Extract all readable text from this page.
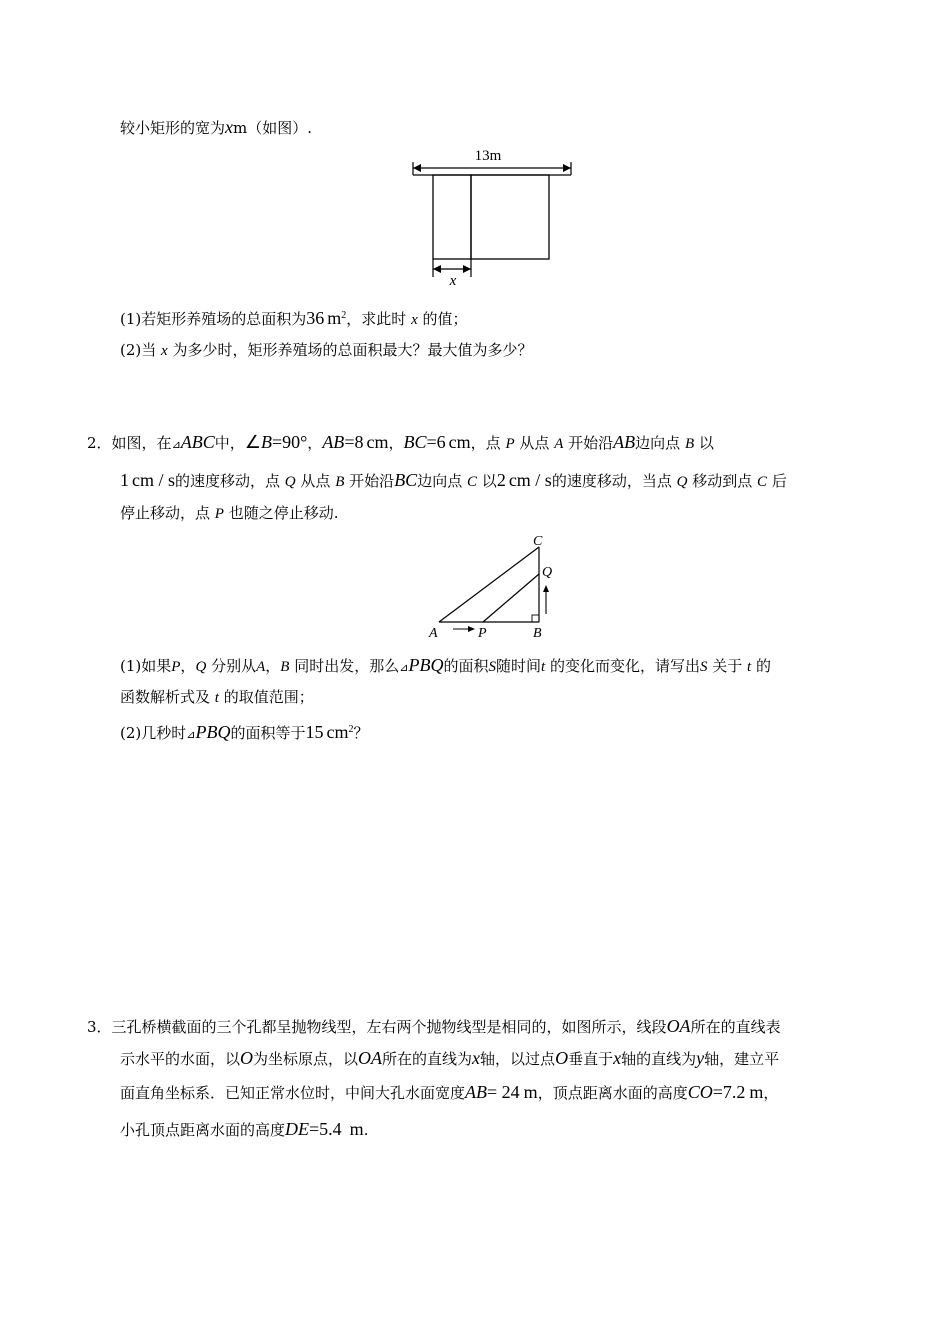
较小矩形的宽为xm（如图）.
13m
x
(1)若矩形养殖场的总面积为36 $m^2$，求此时 x 的值；
(2)当 x 为多少时，矩形养殖场的总面积最大？最大值为多少？
2．如图，在⊿ABC中，∠B=90°，AB=8 cm，BC=6 cm，点 P 从点 A 开始沿AB边向点 B 以
1 cm / s的速度移动，点 Q 从点 B 开始沿BC边向点 C 以2 cm / s的速度移动，当点 Q 移动到点 C 后
停止移动，点 P 也随之停止移动.
C
Q
A	P	B
(1)如果P，Q 分别从A，B 同时出发，那么⊿PBQ的面积S随时间t 的变化而变化，请写出S 关于 t 的
函数解析式及 t 的取值范围；
(2)几秒时⊿PBQ的面积等于15 $cm^2$？
3．三孔桥横截面的三个孔都呈抛物线型，左右两个抛物线型是相同的，如图所示，线段OA所在的直线表
示水平的水面，以O为坐标原点，以OA所在的直线为x轴，以过点O垂直于x轴的直线为y轴，建立平
面直角坐标系．已知正常水位时，中间大孔水面宽度AB= 24 m，顶点距离水面的高度CO=7.2 m，
小孔顶点距离水面的高度DE=5.4 m.
